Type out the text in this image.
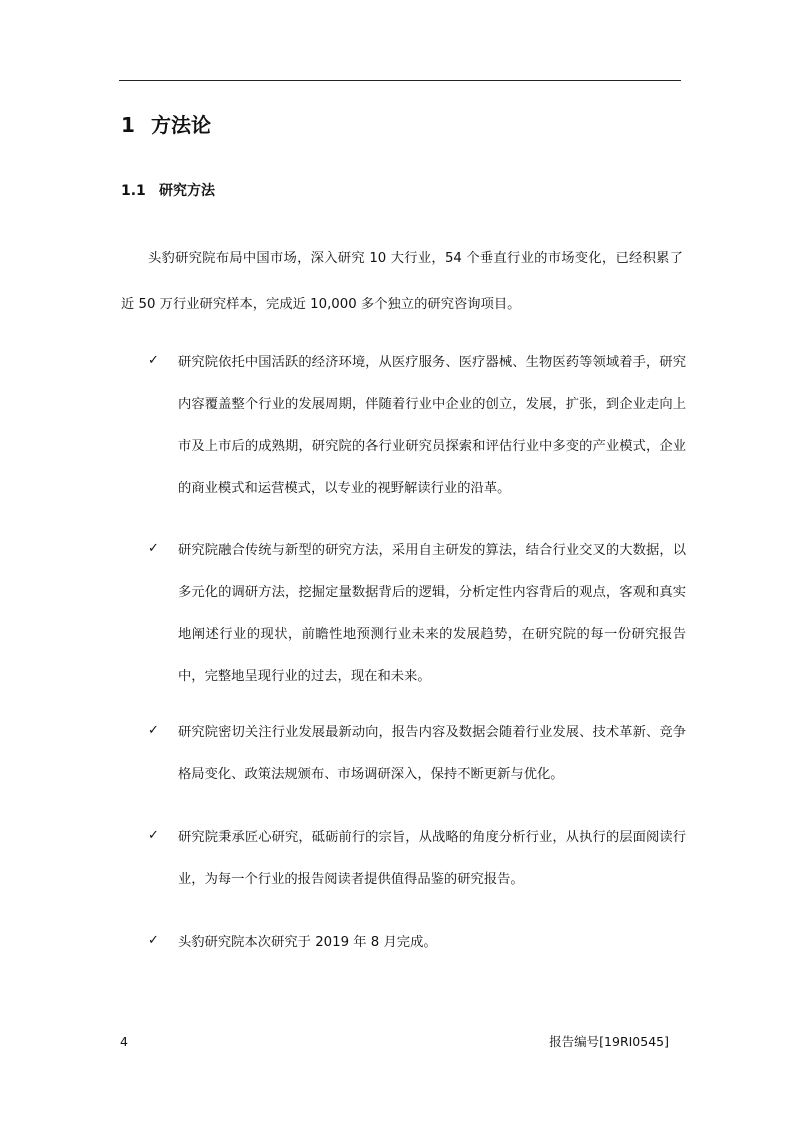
1 方法论
1.1 研究方法
头豹研究院布局中国市场，深入研究 10 大行业，54 个垂直行业的市场变化，已经积累了近 50 万行业研究样本，完成近 10,000 多个独立的研究咨询项目。
✓	研究院依托中国活跃的经济环境，从医疗服务、医疗器械、生物医药等领域着手，研究内容覆盖整个行业的发展周期，伴随着行业中企业的创立，发展，扩张，到企业走向上市及上市后的成熟期，研究院的各行业研究员探索和评估行业中多变的产业模式，企业的商业模式和运营模式，以专业的视野解读行业的沿革。
✓	研究院融合传统与新型的研究方法，采用自主研发的算法，结合行业交叉的大数据，以多元化的调研方法，挖掘定量数据背后的逻辑，分析定性内容背后的观点，客观和真实地阐述行业的现状，前瞻性地预测行业未来的发展趋势，在研究院的每一份研究报告中，完整地呈现行业的过去，现在和未来。
✓	研究院密切关注行业发展最新动向，报告内容及数据会随着行业发展、技术革新、竞争格局变化、政策法规颁布、市场调研深入，保持不断更新与优化。
✓	研究院秉承匠心研究，砥砺前行的宗旨，从战略的角度分析行业，从执行的层面阅读行业，为每一个行业的报告阅读者提供值得品鉴的研究报告。
✓	头豹研究院本次研究于 2019 年 8 月完成。
4	报告编号[19RI0545]
